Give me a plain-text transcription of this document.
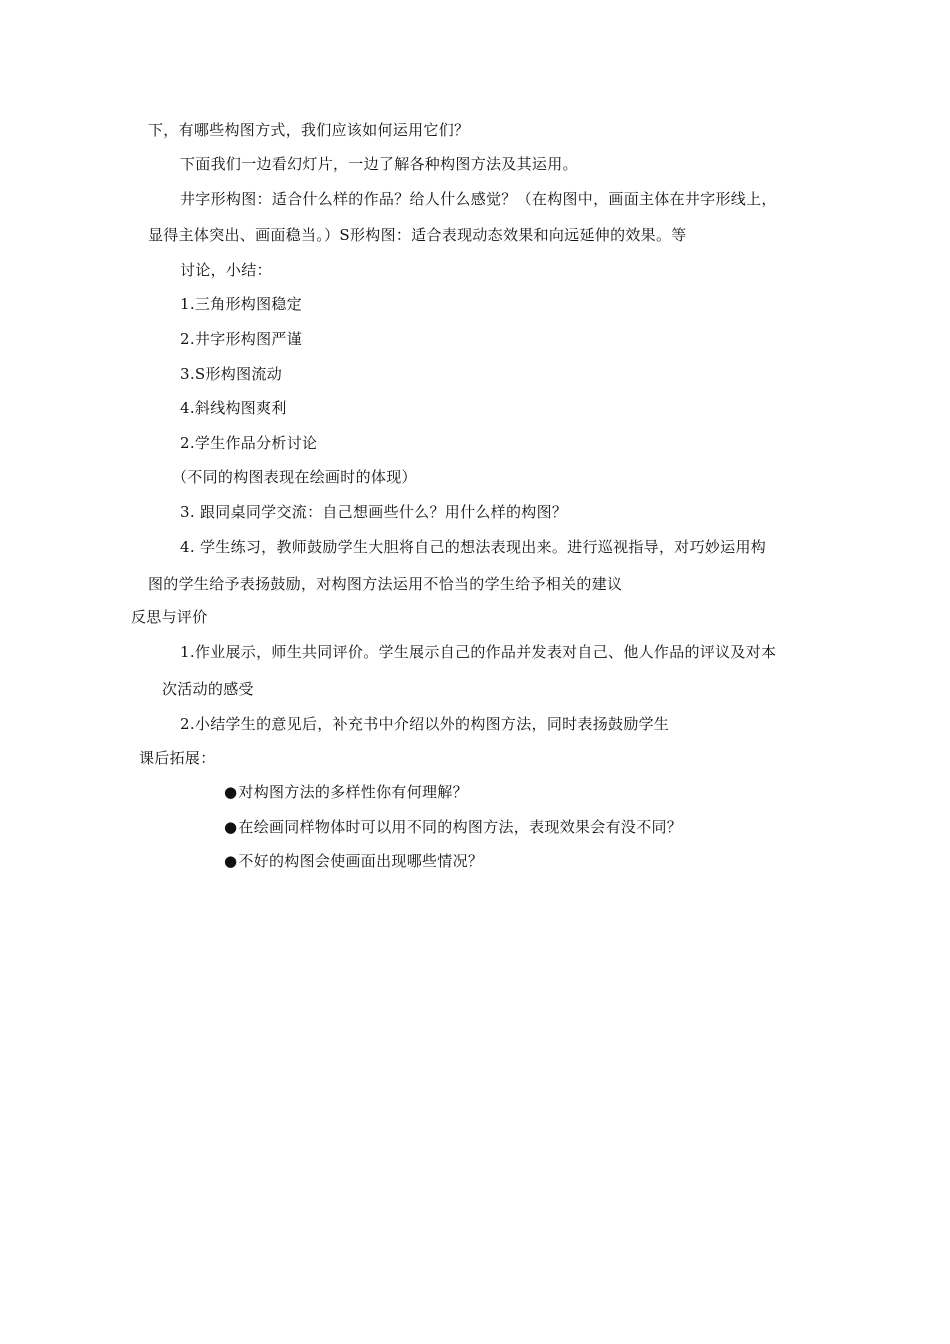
下，有哪些构图方式，我们应该如何运用它们？
下面我们一边看幻灯片，一边了解各种构图方法及其运用。
井字形构图：适合什么样的作品？给人什么感觉？（在构图中，画面主体在井字形线上，
显得主体突出、画面稳当。）S形构图：适合表现动态效果和向远延伸的效果。等
讨论，小结：
1.三角形构图稳定
2.井字形构图严谨
3.S形构图流动
4.斜线构图爽利
2.学生作品分析讨论
（不同的构图表现在绘画时的体现）
3. 跟同桌同学交流：自己想画些什么？用什么样的构图？
4. 学生练习，教师鼓励学生大胆将自己的想法表现出来。进行巡视指导，对巧妙运用构
图的学生给予表扬鼓励，对构图方法运用不恰当的学生给予相关的建议
反思与评价
1.作业展示，师生共同评价。学生展示自己的作品并发表对自己、他人作品的评议及对本
次活动的感受
2.小结学生的意见后，补充书中介绍以外的构图方法，同时表扬鼓励学生
课后拓展：
●对构图方法的多样性你有何理解？
●在绘画同样物体时可以用不同的构图方法，表现效果会有没不同？
●不好的构图会使画面出现哪些情况？
